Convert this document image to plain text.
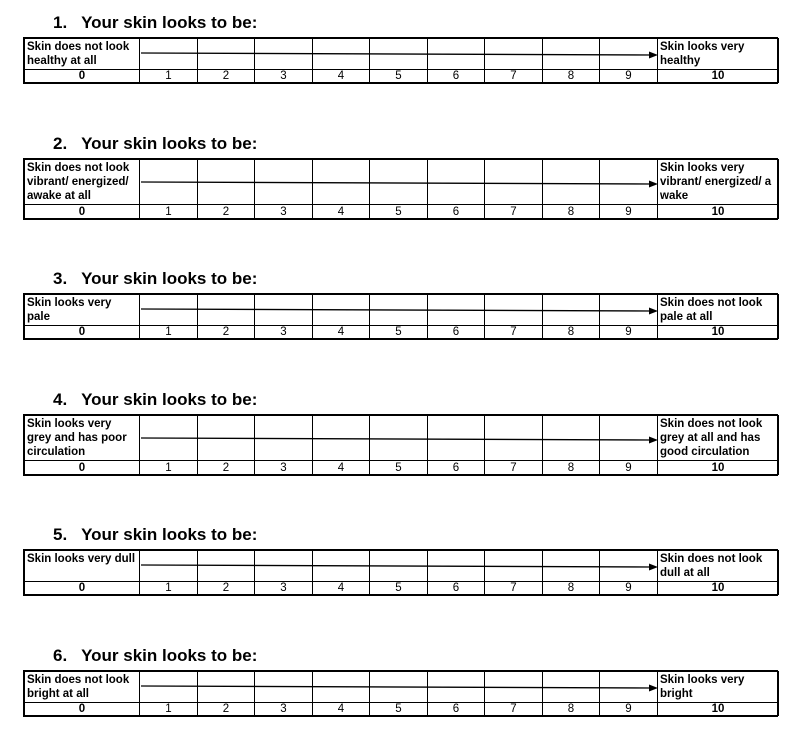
1. Your skin looks to be:
Skin does not look healthy at all										Skin looks very healthy
0	1	2	3	4	5	6	7	8	9	10
2. Your skin looks to be:
Skin does not look vibrant/ energized/ awake at all										Skin looks very vibrant/ energized/ a wake
0	1	2	3	4	5	6	7	8	9	10
3. Your skin looks to be:
Skin looks very pale										Skin does not look pale at all
0	1	2	3	4	5	6	7	8	9	10
4. Your skin looks to be:
Skin looks very grey and has poor circulation										Skin does not look grey at all and has good circulation
0	1	2	3	4	5	6	7	8	9	10
5. Your skin looks to be:
Skin looks very dull										Skin does not look dull at all
0	1	2	3	4	5	6	7	8	9	10
6. Your skin looks to be:
Skin does not look bright at all										Skin looks very bright
0	1	2	3	4	5	6	7	8	9	10
